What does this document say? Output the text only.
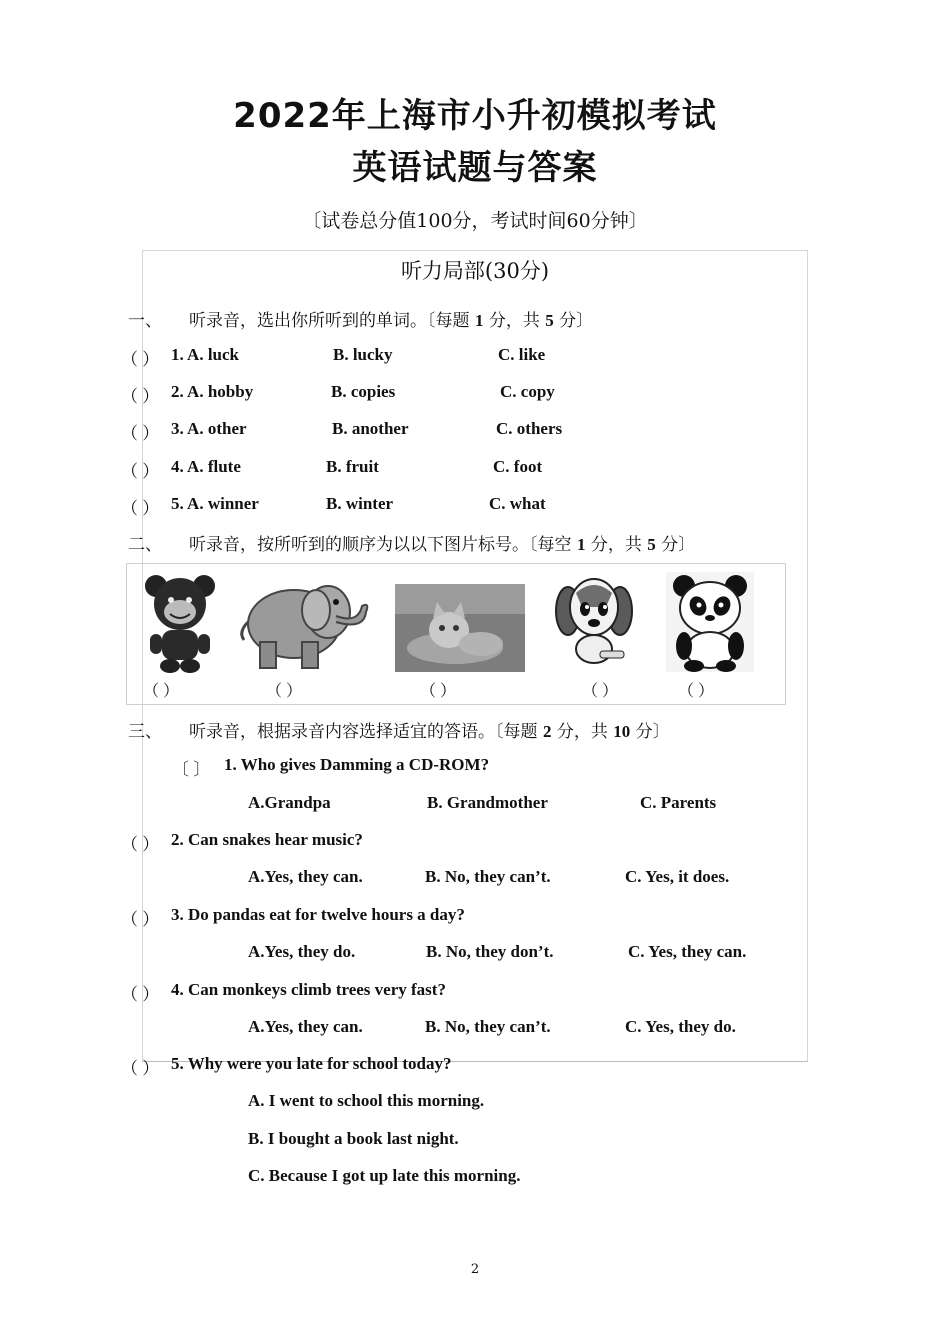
2022年上海市小升初模拟考试
英语试题与答案
〔试卷总分值100分，考试时间60分钟〕
听力局部(30分)
一、 听录音，选出你所听到的单词。〔每题 1 分，共 5 分〕
（ ） 1. A. luck	B. lucky	C. like
（ ） 2. A. hobby	B. copies	C. copy
（ ） 3. A. other	B. another	C. others
（ ） 4. A. flute	B. fruit	C. foot
（ ） 5. A. winner	B. winter	C. what
二、 听录音，按所听到的顺序为以以下图片标号。〔每空 1 分，共 5 分〕
（ ）	（ ）	（ ）	（ ）	（ ）
三、 听录音，根据录音内容选择适宜的答语。〔每题 2 分，共 10 分〕
〔 〕 1. Who gives Damming a CD-ROM?
A.Grandpa	B. Grandmother	C. Parents
（ ） 2. Can snakes hear music?
A.Yes, they can.	B. No, they can’t.	C. Yes, it does.
（ ） 3. Do pandas eat for twelve hours a day?
A.Yes, they do.	B. No, they don’t.	C. Yes, they can.
（ ） 4. Can monkeys climb trees very fast?
A.Yes, they can.	B. No, they can’t.	C. Yes, they do.
（ ） 5. Why were you late for school today?
A. I went to school this morning.
B. I bought a book last night.
C. Because I got up late this morning.
2
